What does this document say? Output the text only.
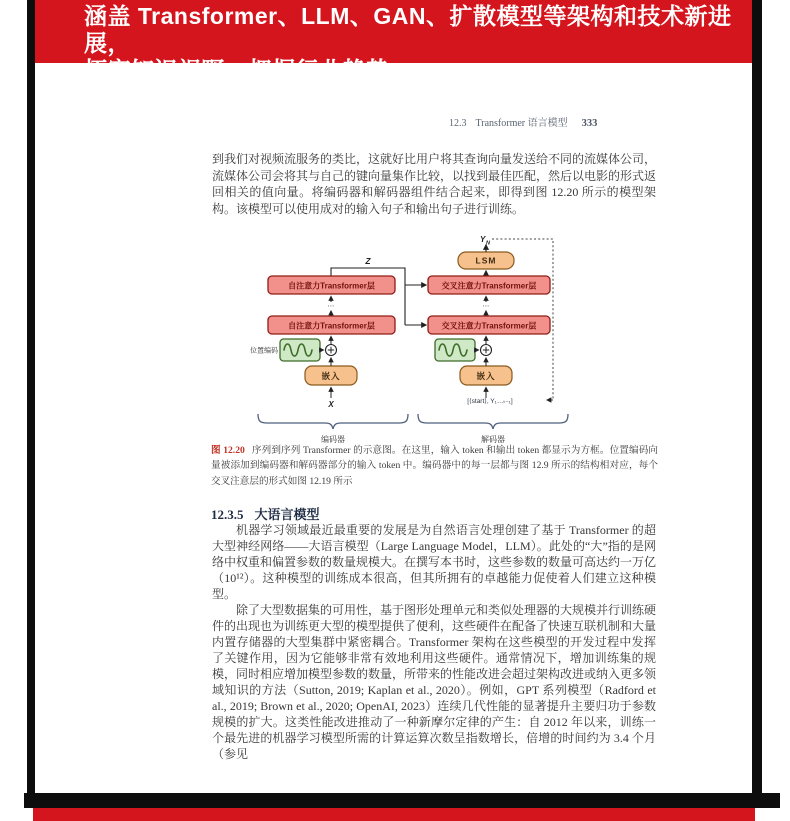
涵盖 Transformer、LLM、GAN、扩散模型等架构和技术新进展，
12.3 Transformer 语言模型 333
到我们对视频流服务的类比，这就好比用户将其查询向量发送给不同的流媒体公司，流媒体公司会将其与自己的键向量集作比较，以找到最佳匹配，然后以电影的形式返回相关的值向量。将编码器和解码器组件结合起来，即得到图 12.20 所示的模型架构。该模型可以使用成对的输入句子和输出句子进行训练。
Y N
Z	LSM
自注意力Transformer层
自注意力Transformer层
⋯
交叉注意力Transformer层
交叉注意力Transformer层
⋯
位置编码
嵌入	嵌入
X	[⟨start⟩, Y₁…ₜ₋₁]
编码器	解码器
图 12.20 序列到序列 Transformer 的示意图。在这里，输入 token 和输出 token 都显示为方框。位置编码向量被添加到编码器和解码器部分的输入 token 中。编码器中的每一层都与图 12.9 所示的结构相对应，每个交叉注意层的形式如图 12.19 所示
12.3.5 大语言模型

机器学习领域最近最重要的发展是为自然语言处理创建了基于 Transformer 的超大型神经网络——大语言模型（Large Language Model，LLM）。此处的“大”指的是网络中权重和偏置参数的数量规模大。在撰写本书时，这些参数的数量可高达约一万亿（10¹²）。这种模型的训练成本很高，但其所拥有的卓越能力促使着人们建立这种模型。

除了大型数据集的可用性，基于图形处理单元和类似处理器的大规模并行训练硬件的出现也为训练更大型的模型提供了便利，这些硬件在配备了快速互联机制和大量内置存储器的大型集群中紧密耦合。Transformer 架构在这些模型的开发过程中发挥了关键作用，因为它能够非常有效地利用这些硬件。通常情况下，增加训练集的规模，同时相应增加模型参数的数量，所带来的性能改进会超过架构改进或纳入更多领域知识的方法（Sutton, 2019; Kaplan et al., 2020）。例如，GPT 系列模型（Radford et al., 2019; Brown et al., 2020; OpenAI, 2023）连续几代性能的显著提升主要归功于参数规模的扩大。这类性能改进推动了一种新摩尔定律的产生：自 2012 年以来，训练一个最先进的机器学习模型所需的计算运算次数呈指数增长，倍增的时间约为 3.4 个月（参见
